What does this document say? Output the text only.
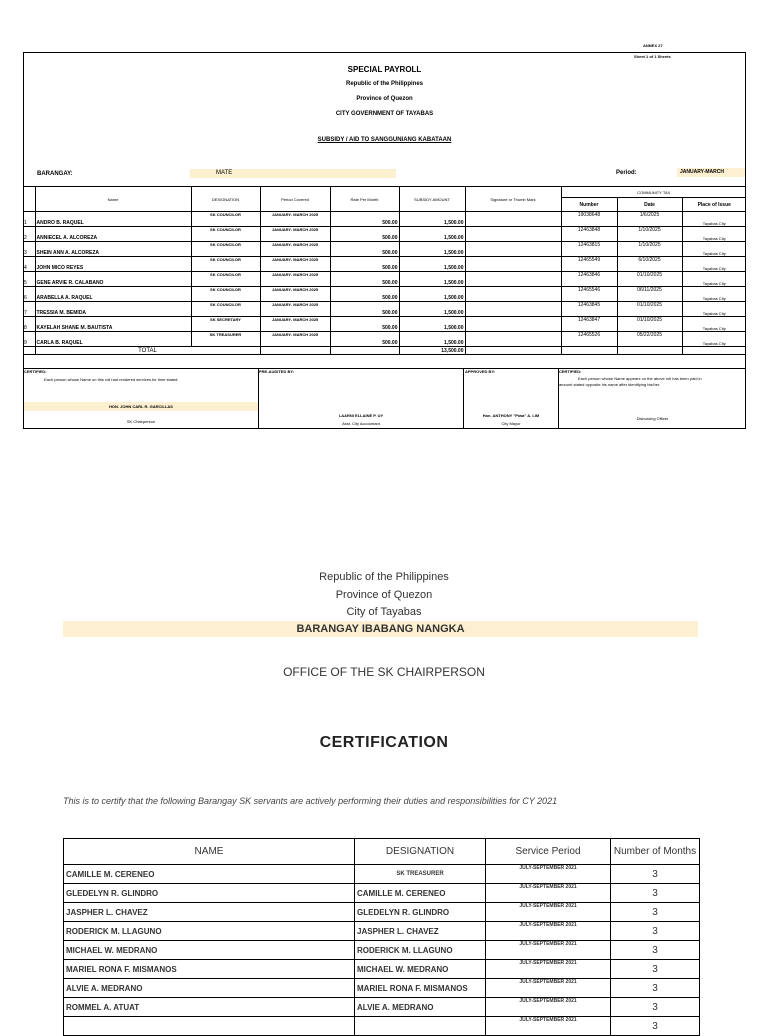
ANNEX 27
Sheet 1 of 1 Sheets
SPECIAL PAYROLL
Republic of the Philippines
Province of Quezon
CITY GOVERNMENT OF TAYABAS
SUBSIDY / AID TO SANGGUNIANG KABATAAN
BARANGAY:	MATE	Period:	JANUARY-MARCH
	Name	DESIGNATION	Period Covered	Rate Per Month	SUBSIDY AMOUNT	Signature or Thumb Mark	COMMUNITY TAX		
							Number	Date	Place of Issue
1	ANDRO B. RAQUEL	SK COUNCILOR	JANUARY- MARCH 2025	500.00	1,500.00		19038648	1/6/2025	Tayabas City
2	ANNIECEL A. ALCOREZA	SK COUNCILOR	JANUARY- MARCH 2025	500.00	1,500.00		12463848	1/10/2025	Tayabas City
3	SHEIN ANN A. ALCOREZA	SK COUNCILOR	JANUARY- MARCH 2025	500.00	1,500.00		12463815	1/10/2025	Tayabas City
4	JOHN MICO REYES	SK COUNCILOR	JANUARY- MARCH 2025	500.00	1,500.00		12465549	6/10/2025	Tayabas City
5	GENE ARVIE R. CALABANO	SK COUNCILOR	JANUARY- MARCH 2025	500.00	1,500.00		12463846	01/10/2025	Tayabas City
6	ARABELLA A. RAQUEL	SK COUNCILOR	JANUARY- MARCH 2025	500.00	1,500.00		12465546	06/11/2025	Tayabas City
7	TRESSIA M. BEMIDA	SK COUNCILOR	JANUARY- MARCH 2025	500.00	1,500.00		12463845	01/10/2025	Tayabas City
8	KAYELAH SHANE M. BAUTISTA	SK SECRETARY	JANUARY- MARCH 2025	500.00	1,500.00		12463847	01/10/2025	Tayabas City
9	CARLA B. RAQUEL	SK TREASURER	JANUARY- MARCH 2025	500.00	1,500.00		12465526	05/22/2025	Tayabas City
	TOTAL				13,500.00				
CERTIFIED:
Each person whose Name on this roll had rendered services for time stated.
HON. JOHN CARL R. GARCILLAS
SK Chairperson
PRE-AUDITED BY:
LAARNI ELLAINE P. UY
Asst. City Accountant
APPROVED BY:
Hon. ANTHONY "Piwa" A. LIM
City Mayor
CERTIFIED:
Each person whose Name appears on the above roll has been paid in
amount stated opposite his name after identifying his/her.
Disbursing Officer
Republic of the Philippines
Province of Quezon
City of Tayabas
BARANGAY IBABANG NANGKA
OFFICE OF THE SK CHAIRPERSON
CERTIFICATION
This is to certify that the following Barangay SK servants are actively performing their duties and responsibilities for CY 2021
NAME	DESIGNATION	Service Period	Number of Months
CAMILLE M. CERENEO	SK TREASURER	JULY-SEPTEMBER 2021	3
GLEDELYN R. GLINDRO	CAMILLE M. CERENEO	JULY-SEPTEMBER 2021	3
JASPHER L. CHAVEZ	GLEDELYN R. GLINDRO	JULY-SEPTEMBER 2021	3
RODERICK M. LLAGUNO	JASPHER L. CHAVEZ	JULY-SEPTEMBER 2021	3
MICHAEL W. MEDRANO	RODERICK M. LLAGUNO	JULY-SEPTEMBER 2021	3
MARIEL RONA F. MISMANOS	MICHAEL W. MEDRANO	JULY-SEPTEMBER 2021	3
ALVIE A. MEDRANO	MARIEL RONA F. MISMANOS	JULY-SEPTEMBER 2021	3
ROMMEL A. ATUAT	ALVIE A. MEDRANO	JULY-SEPTEMBER 2021	3
		JULY-SEPTEMBER 2021	3
